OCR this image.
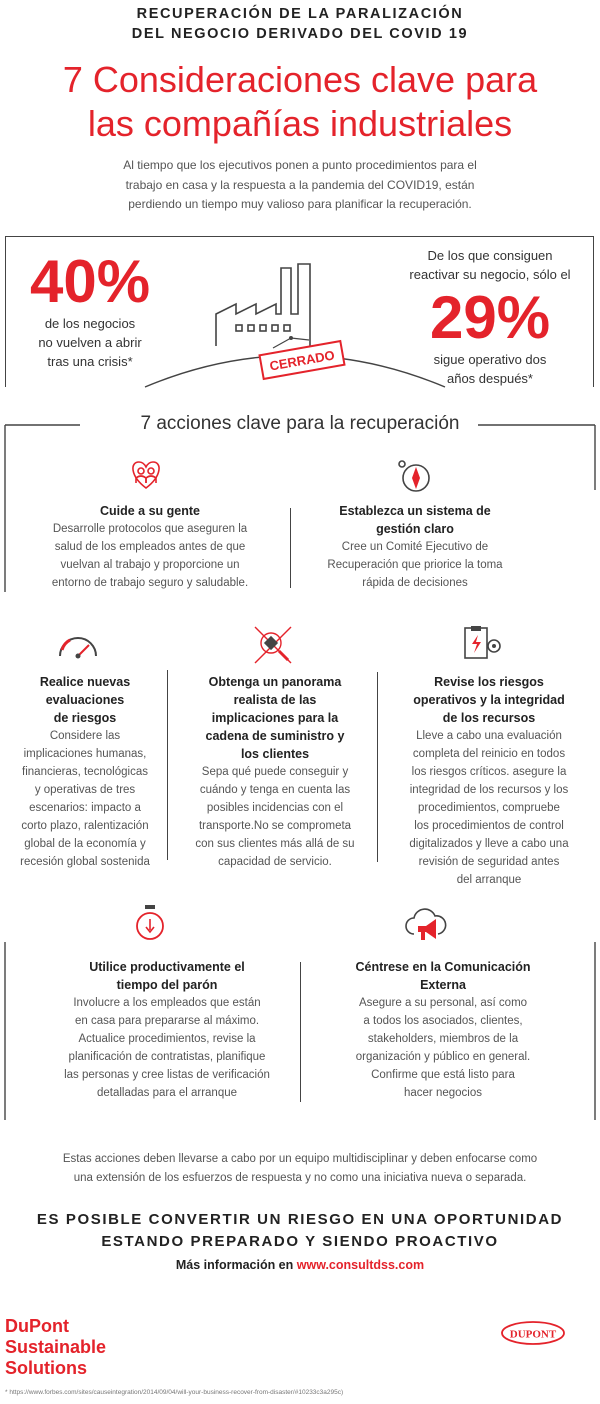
RECUPERACIÓN DE LA PARALIZACIÓN
DEL NEGOCIO DERIVADO DEL COVID 19
7 Consideraciones clave para
las compañías industriales
Al tiempo que los ejecutivos ponen a punto procedimientos para el
trabajo en casa y la respuesta a la pandemia del COVID19, están
perdiendo un tiempo muy valioso para planificar la recuperación.
CERRADO
40%
de los negocios
no vuelven a abrir
tras una crisis*
De los que consiguen
reactivar su negocio, sólo el
29%
sigue operativo dos
años después*
7 acciones clave para la recuperación
Cuide a su gente
Desarrolle protocolos que aseguren la
salud de los empleados antes de que
vuelvan al trabajo y proporcione un
entorno de trabajo seguro y saludable.
Establezca un sistema de
gestión claro
Cree un Comité Ejecutivo de
Recuperación que priorice la toma
rápida de decisiones
Realice nuevas
evaluaciones
de riesgos
Considere las
implicaciones humanas,
financieras, tecnológicas
y operativas de tres
escenarios: impacto a
corto plazo, ralentización
global de la economía y
recesión global sostenida
Obtenga un panorama
realista de las
implicaciones para la
cadena de suministro y
los clientes
Sepa qué puede conseguir y
cuándo y tenga en cuenta las
posibles incidencias con el
transporte.No se comprometa
con sus clientes más allá de su
capacidad de servicio.
Revise los riesgos
operativos y la integridad
de los recursos
Lleve a cabo una evaluación
completa del reinicio en todos
los riesgos críticos. asegure la
integridad de los recursos y los
procedimientos, compruebe
los procedimientos de control
digitalizados y lleve a cabo una
revisión de seguridad antes
del arranque
Utilice productivamente el
tiempo del parón
Involucre a los empleados que están
en casa para prepararse al máximo.
Actualice procedimientos, revise la
planificación de contratistas, planifique
las personas y cree listas de verificación
detalladas para el arranque
Céntrese en la Comunicación
Externa
Asegure a su personal, así como
a todos los asociados, clientes,
stakeholders, miembros de la
organización y público en general.
Confirme que está listo para
hacer negocios
Estas acciones deben llevarse a cabo por un equipo multidisciplinar y deben enfocarse como
una extensión de los esfuerzos de respuesta y no como una iniciativa nueva o separada.
ES POSIBLE CONVERTIR UN RIESGO EN UNA OPORTUNIDAD
ESTANDO PREPARADO Y SIENDO PROACTIVO
Más información en www.consultdss.com
DuPont
Sustainable
Solutions
DUPONT
* https://www.forbes.com/sites/causeintegration/2014/09/04/will-your-business-recover-from-disaster/#10233c3a295c)
